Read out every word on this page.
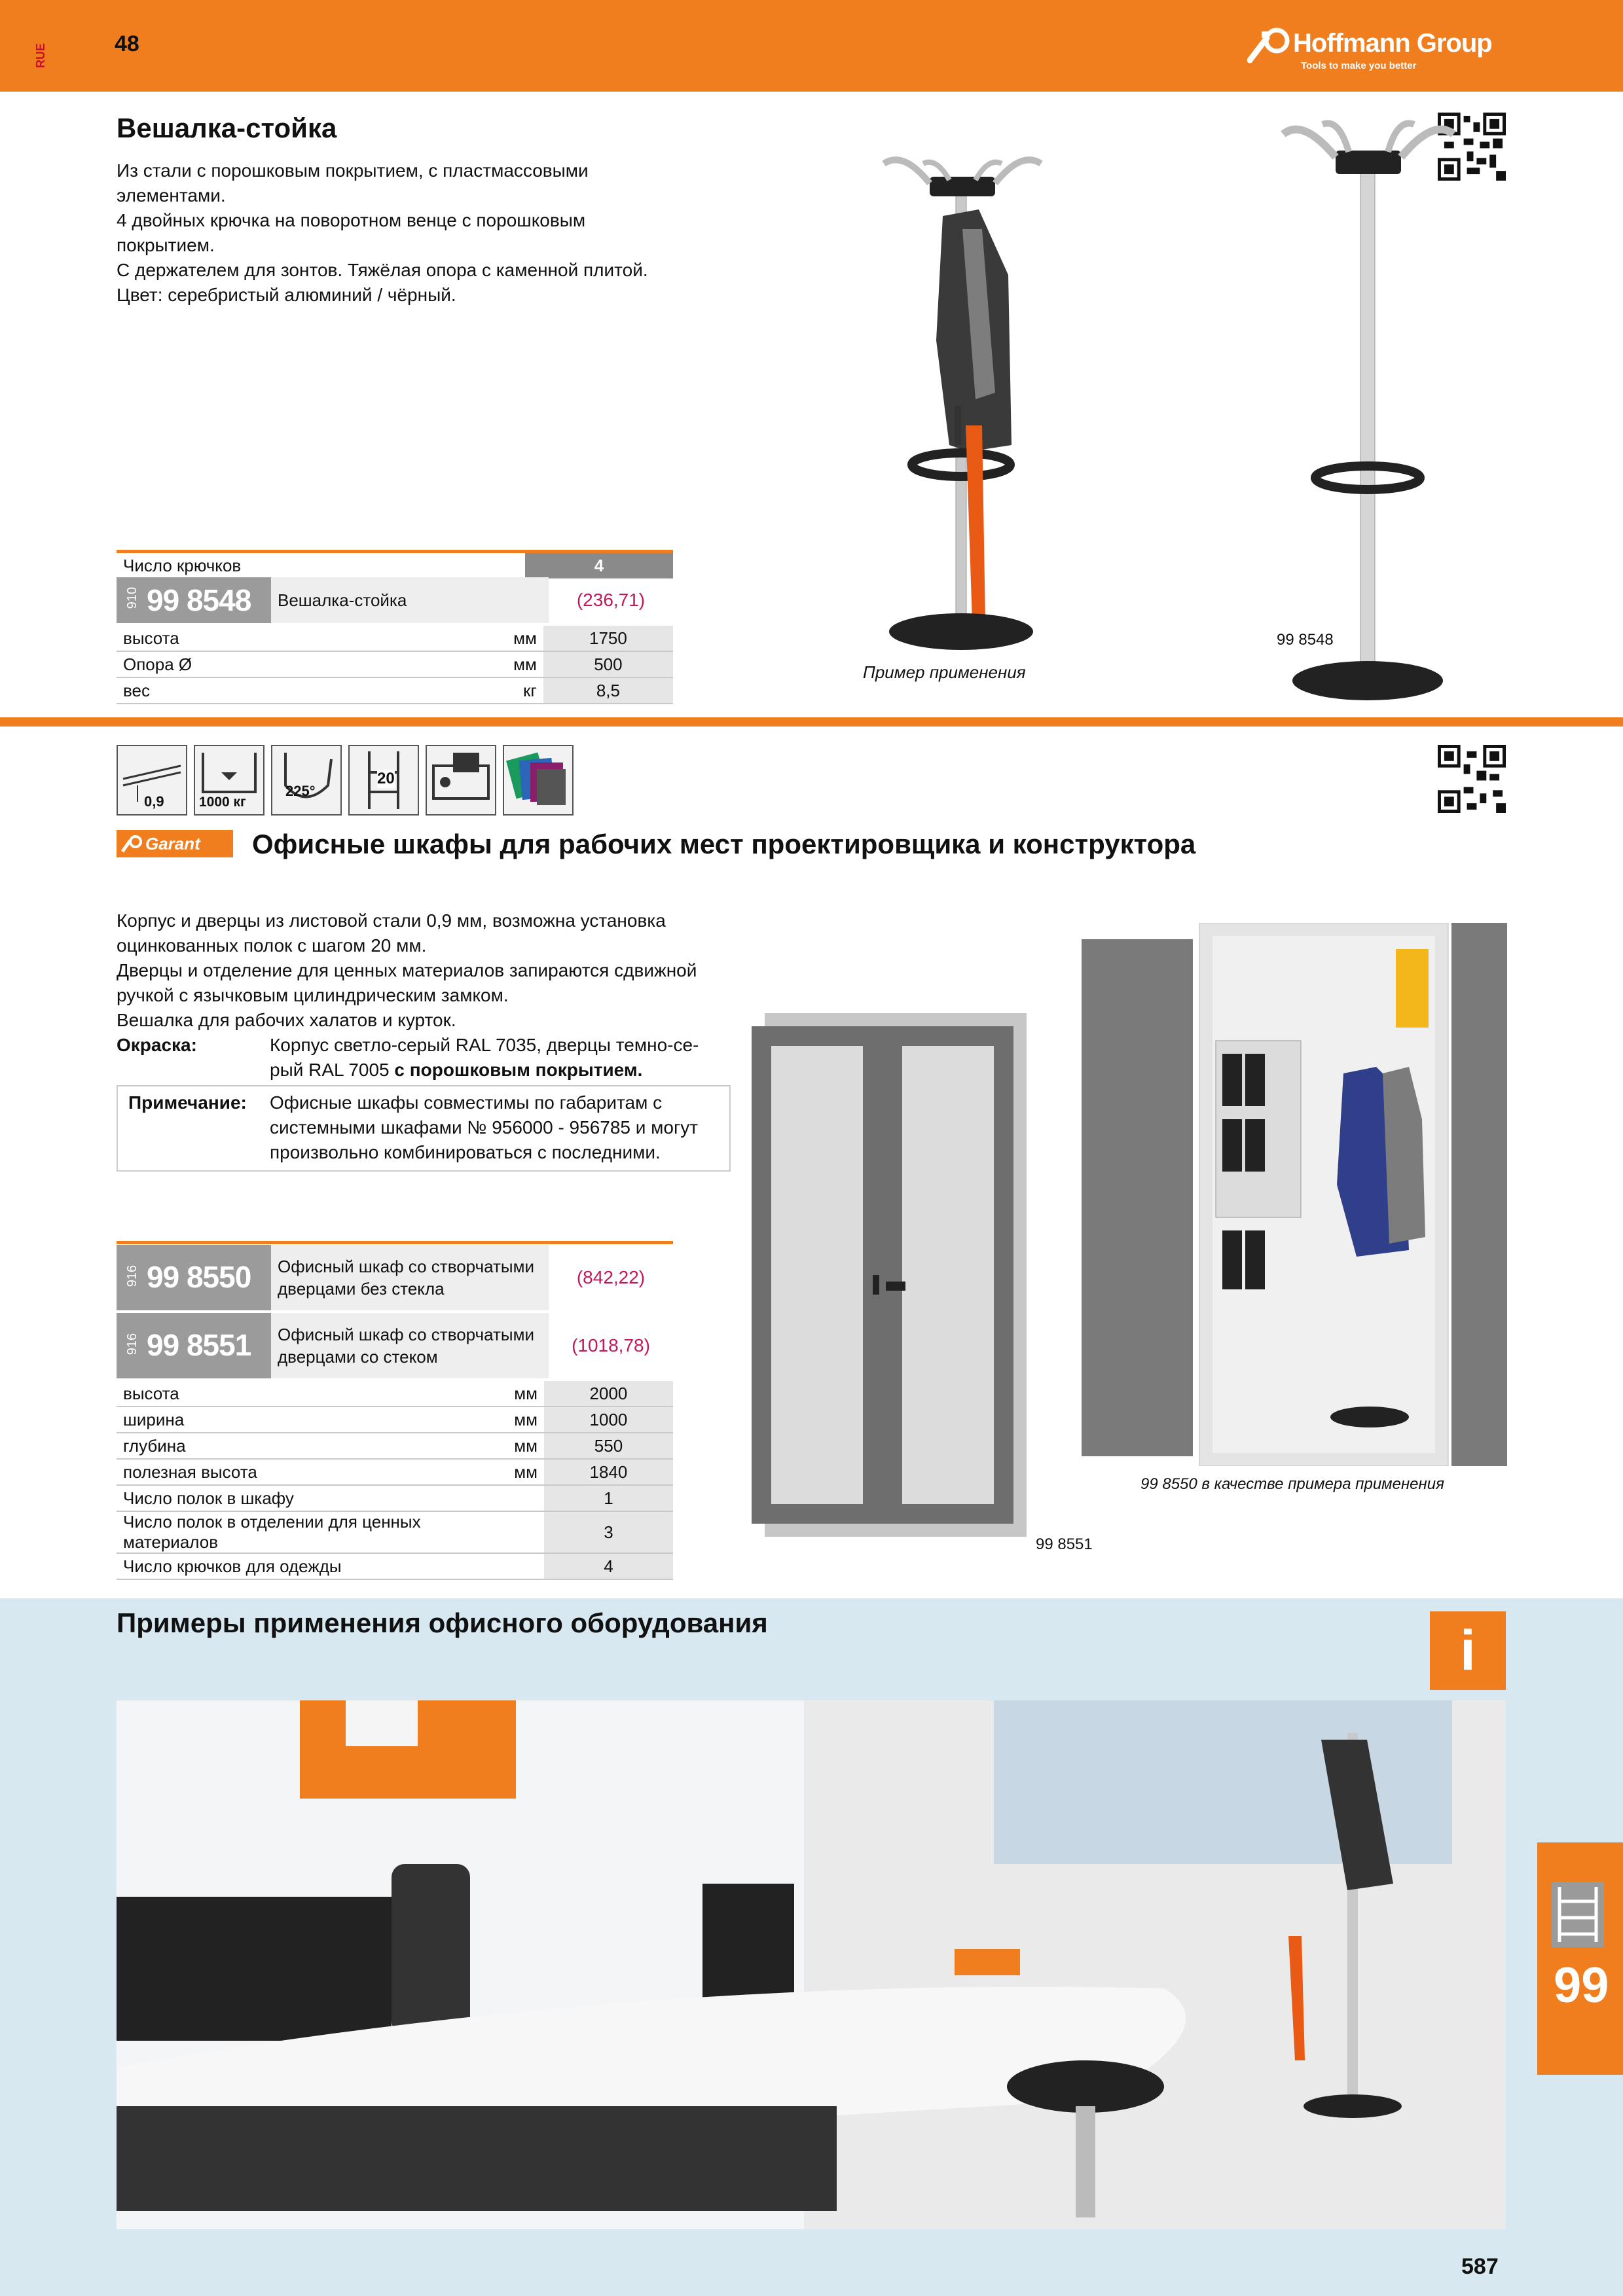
RUE	48	Hoffmann Group
Tools to make you better
Вешалка-стойка
Из стали с порошковым покрытием, с пластмассовыми
элементами.
4 двойных крючка на поворотном венце с порошковым
покрытием.
С держателем для зонтов. Тяжёлая опора с каменной плитой.
Цвет: серебристый алюминий / чёрный.
Число крючков		4
910 99 8548 Вешалка-стойка	(236,71)
высота	мм	1750
Опора Ø	мм	500
вес	кг	8,5
Пример применения
99 8548
0,9	1000 кг
225°
20
Garant Офисные шкафы для рабочих мест проектировщика и конструктора
Корпус и дверцы из листовой стали 0,9 мм, возможна установка
оцинкованных полок с шагом 20 мм.
Дверцы и отделение для ценных материалов запираются сдвижной
ручкой с язычковым цилиндрическим замком.
Вешалка для рабочих халатов и курток.
Окраска:	Корпус светло-серый RAL 7035, дверцы темно-се-
рый RAL 7005 с порошковым покрытием.
Примечание: Офисные шкафы совместимы по габаритам с
системными шкафами № 956000 - 956785 и могут
произвольно комбинироваться с последними.
916 99 8550 Офисный шкаф со створчатыми
дверцами без стекла
(842,22)
916 99 8551 Офисный шкаф со створчатыми
дверцами со стеком
(1018,78)
высота	мм	2000
ширина	мм	1000
глубина	мм	550
полезная высота	мм	1840
Число полок в шкафу		1
Число полок в отделении для ценных материалов		3
Число крючков для одежды		4
99 8551
99 8550 в качестве примера применения
Примеры применения офисного оборудования	i
99
587
